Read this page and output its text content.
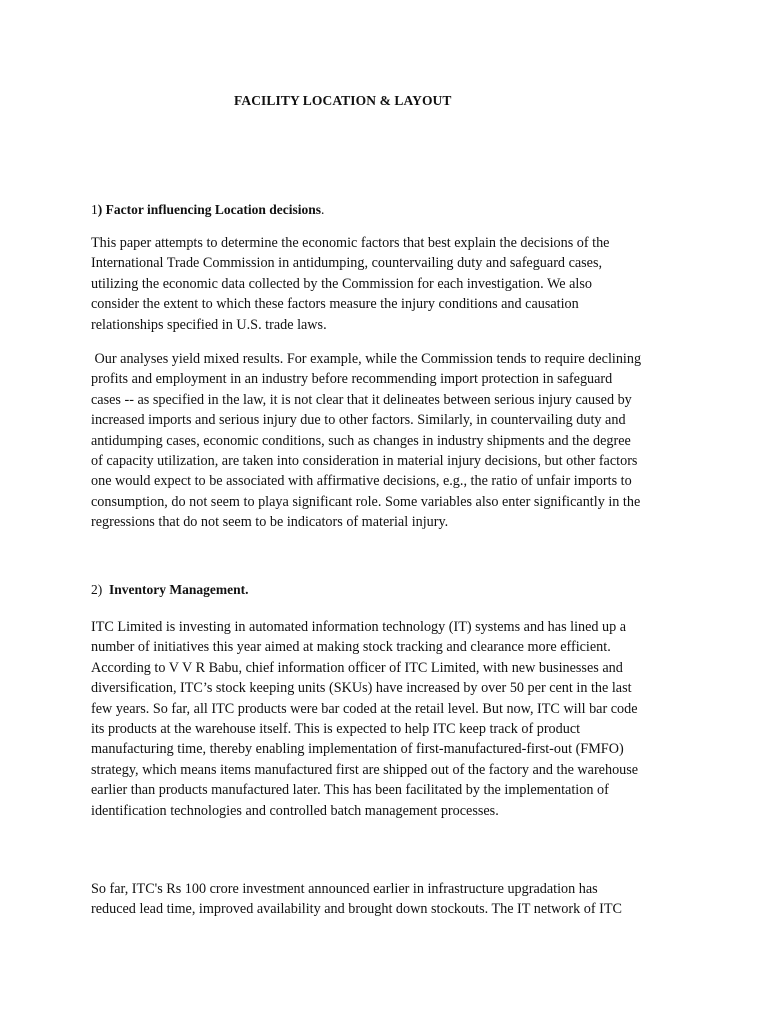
FACILITY LOCATION & LAYOUT
1) Factor influencing Location decisions.
This paper attempts to determine the economic factors that best explain the decisions of the
International Trade Commission in antidumping, countervailing duty and safeguard cases,
utilizing the economic data collected by the Commission for each investigation. We also
consider the extent to which these factors measure the injury conditions and causation
relationships specified in U.S. trade laws.
Our analyses yield mixed results. For example, while the Commission tends to require declining
profits and employment in an industry before recommending import protection in safeguard
cases -- as specified in the law, it is not clear that it delineates between serious injury caused by
increased imports and serious injury due to other factors. Similarly, in countervailing duty and
antidumping cases, economic conditions, such as changes in industry shipments and the degree
of capacity utilization, are taken into consideration in material injury decisions, but other factors
one would expect to be associated with affirmative decisions, e.g., the ratio of unfair imports to
consumption, do not seem to playa significant role. Some variables also enter significantly in the
regressions that do not seem to be indicators of material injury.
2) Inventory Management.
ITC Limited is investing in automated information technology (IT) systems and has lined up a
number of initiatives this year aimed at making stock tracking and clearance more efficient.
According to V V R Babu, chief information officer of ITC Limited, with new businesses and
diversification, ITC’s stock keeping units (SKUs) have increased by over 50 per cent in the last
few years. So far, all ITC products were bar coded at the retail level. But now, ITC will bar code
its products at the warehouse itself. This is expected to help ITC keep track of product
manufacturing time, thereby enabling implementation of first-manufactured-first-out (FMFO)
strategy, which means items manufactured first are shipped out of the factory and the warehouse
earlier than products manufactured later. This has been facilitated by the implementation of
identification technologies and controlled batch management processes.
So far, ITC's Rs 100 crore investment announced earlier in infrastructure upgradation has
reduced lead time, improved availability and brought down stockouts. The IT network of ITC
